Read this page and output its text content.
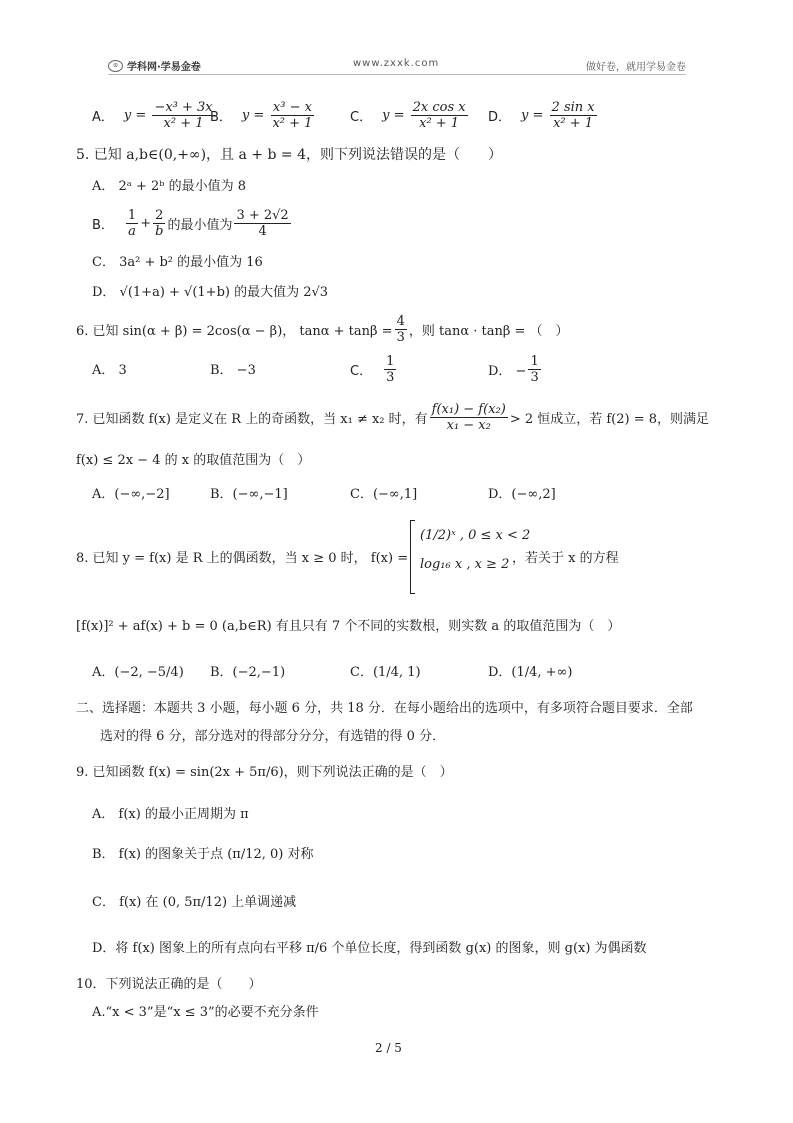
⊙ 学科网·学易金卷	www.zxxk.com	做好卷，就用学易金卷
A． $y = \frac{\text{−x³ + 3x}}{\text{x² + 1}}$
B． $y = \frac{\text{x³ − x}}{\text{x² + 1}}$	C． $y = \frac{\text{2x cos x}}{\text{x² + 1}}$ D． $y = \frac{\text{2 sin x}}{\text{x² + 1}}$
5. 已知 a,b∈(0,+∞)，且 a + b = 4，则下列说法错误的是（　　）
A． 2ᵃ + 2ᵇ 的最小值为 8
B． $\frac{1}{a} + \frac{2}{b}$ 的最小值为 $\frac{3 + 2√2}{4}$
C． 3a² + b² 的最小值为 16
D． √(1+a) + √(1+b) 的最大值为 2√3
6. 已知 sin(α + β) = 2cos(α − β)， $\tan\alpha + \tan\beta = \frac{4}{3}$ ，则 tanα · tanβ = （　）
A． 3	B． −3	C． $\frac{1}{3}$	D． − $\frac{1}{3}$
7. 已知函数 f(x) 是定义在 R 上的奇函数，当 x₁ ≠ x₂ 时，有 $\frac{\text{f(x₁) − f(x₂)}}{\text{x₁ − x₂}} > 2$ 恒成立，若 f(2) = 8，则满足
f(x) ≤ 2x − 4 的 x 的取值范围为（　）
A．(−∞,−2]	B．(−∞,−1]	C．(−∞,1]	D．(−∞,2]
8. 已知 y = f(x) 是 R 上的偶函数，当 x ≥ 0 时， f(x) =
(1/2)ˣ , 0 ≤ x < 2
log₁₆ x , x ≥ 2 ，若关于 x 的方程
[f(x)]² + af(x) + b = 0 (a,b∈R) 有且只有 7 个不同的实数根，则实数 a 的取值范围为（　）
A．(−2, −5/4) B．(−2,−1)	C．(1/4, 1)	D．(1/4, +∞)
二、选择题：本题共 3 小题，每小题 6 分，共 18 分．在每小题给出的选项中，有多项符合题目要求．全部
选对的得 6 分，部分选对的得部分分分，有选错的得 0 分．
9. 已知函数 f(x) = sin(2x + 5π/6)，则下列说法正确的是（　）
A． f(x) 的最小正周期为 π
B． f(x) 的图象关于点 (π/12, 0) 对称
C． f(x) 在 (0, 5π/12) 上单调递减
D．将 f(x) 图象上的所有点向右平移 π/6 个单位长度，得到函数 g(x) 的图象，则 g(x) 为偶函数
10．下列说法正确的是（　　）
A.“x < 3”是“x ≤ 3”的必要不充分条件
2 / 5
